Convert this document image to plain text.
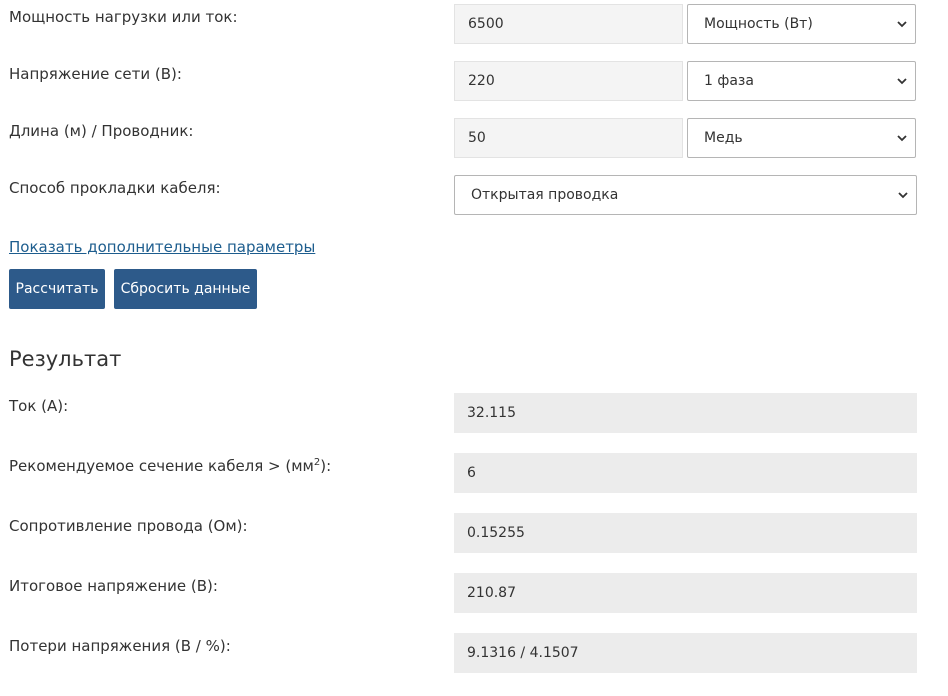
Мощность нагрузки или ток:	6500	Мощность (Вт)
Напряжение сети (В):	220	1 фаза
Длина (м) / Проводник:	50	Медь
Способ прокладки кабеля:	Открытая проводка
Показать дополнительные параметры
Рассчитать	Сбросить данные
Результат
Ток (А):	32.115
Рекомендуемое сечение кабеля > $(мм^2)$:	6
Сопротивление провода (Ом):	0.15255
Итоговое напряжение (В):	210.87
Потери напряжения (В / %):	9.1316 / 4.1507
